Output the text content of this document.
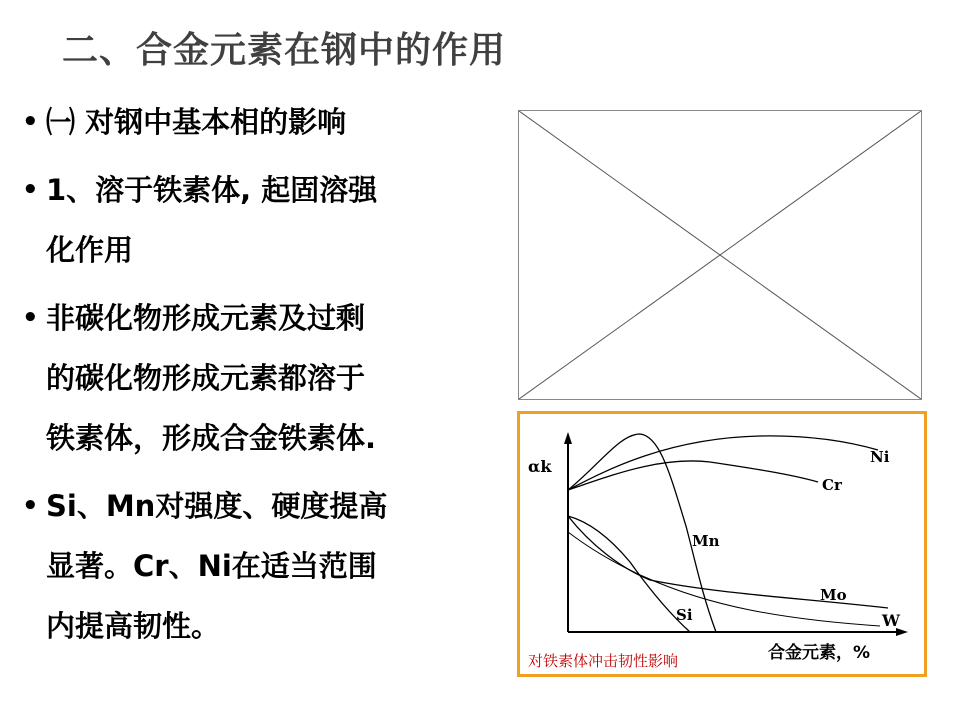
二、合金元素在钢中的作用
• ㈠ 对钢中基本相的影响
• 1、溶于铁素体, 起固溶强
化作用
• 非碳化物形成元素及过剩
的碳化物形成元素都溶于
铁素体，形成合金铁素体.
• Si、Mn对强度、硬度提高
显著。Cr、Ni在适当范围
内提高韧性。
αk
W
合金元素，%
Ni
Cr
Mn
Mo
Si
对铁素体冲击韧性影响
